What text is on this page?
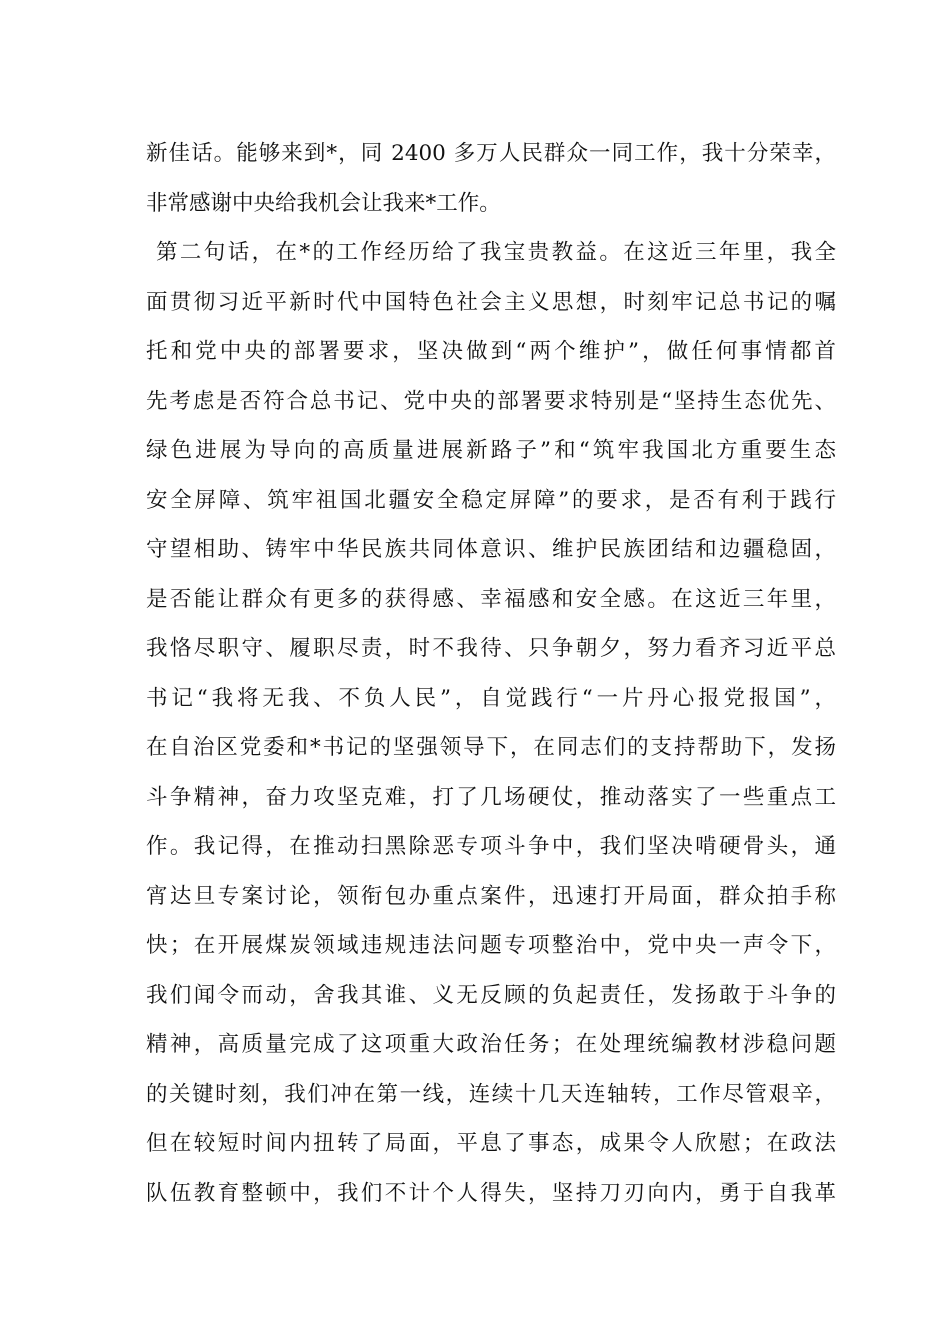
新佳话。能够来到*，同 2400 多万人民群众一同工作，我十分荣幸，
非常感谢中央给我机会让我来*工作。
第二句话，在*的工作经历给了我宝贵教益。在这近三年里，我全
面贯彻习近平新时代中国特色社会主义思想，时刻牢记总书记的嘱
托和党中央的部署要求，坚决做到“两个维护”，做任何事情都首
先考虑是否符合总书记、党中央的部署要求特别是“坚持生态优先、
绿色进展为导向的高质量进展新路子”和“筑牢我国北方重要生态
安全屏障、筑牢祖国北疆安全稳定屏障”的要求，是否有利于践行
守望相助、铸牢中华民族共同体意识、维护民族团结和边疆稳固，
是否能让群众有更多的获得感、幸福感和安全感。在这近三年里，
我恪尽职守、履职尽责，时不我待、只争朝夕，努力看齐习近平总
书记“我将无我、不负人民”，自觉践行“一片丹心报党报国”，
在自治区党委和*书记的坚强领导下，在同志们的支持帮助下，发扬
斗争精神，奋力攻坚克难，打了几场硬仗，推动落实了一些重点工
作。我记得，在推动扫黑除恶专项斗争中，我们坚决啃硬骨头，通
宵达旦专案讨论，领衔包办重点案件，迅速打开局面，群众拍手称
快；在开展煤炭领域违规违法问题专项整治中，党中央一声令下，
我们闻令而动，舍我其谁、义无反顾的负起责任，发扬敢于斗争的
精神，高质量完成了这项重大政治任务；在处理统编教材涉稳问题
的关键时刻，我们冲在第一线，连续十几天连轴转，工作尽管艰辛，
但在较短时间内扭转了局面，平息了事态，成果令人欣慰；在政法
队伍教育整顿中，我们不计个人得失，坚持刀刃向内，勇于自我革
